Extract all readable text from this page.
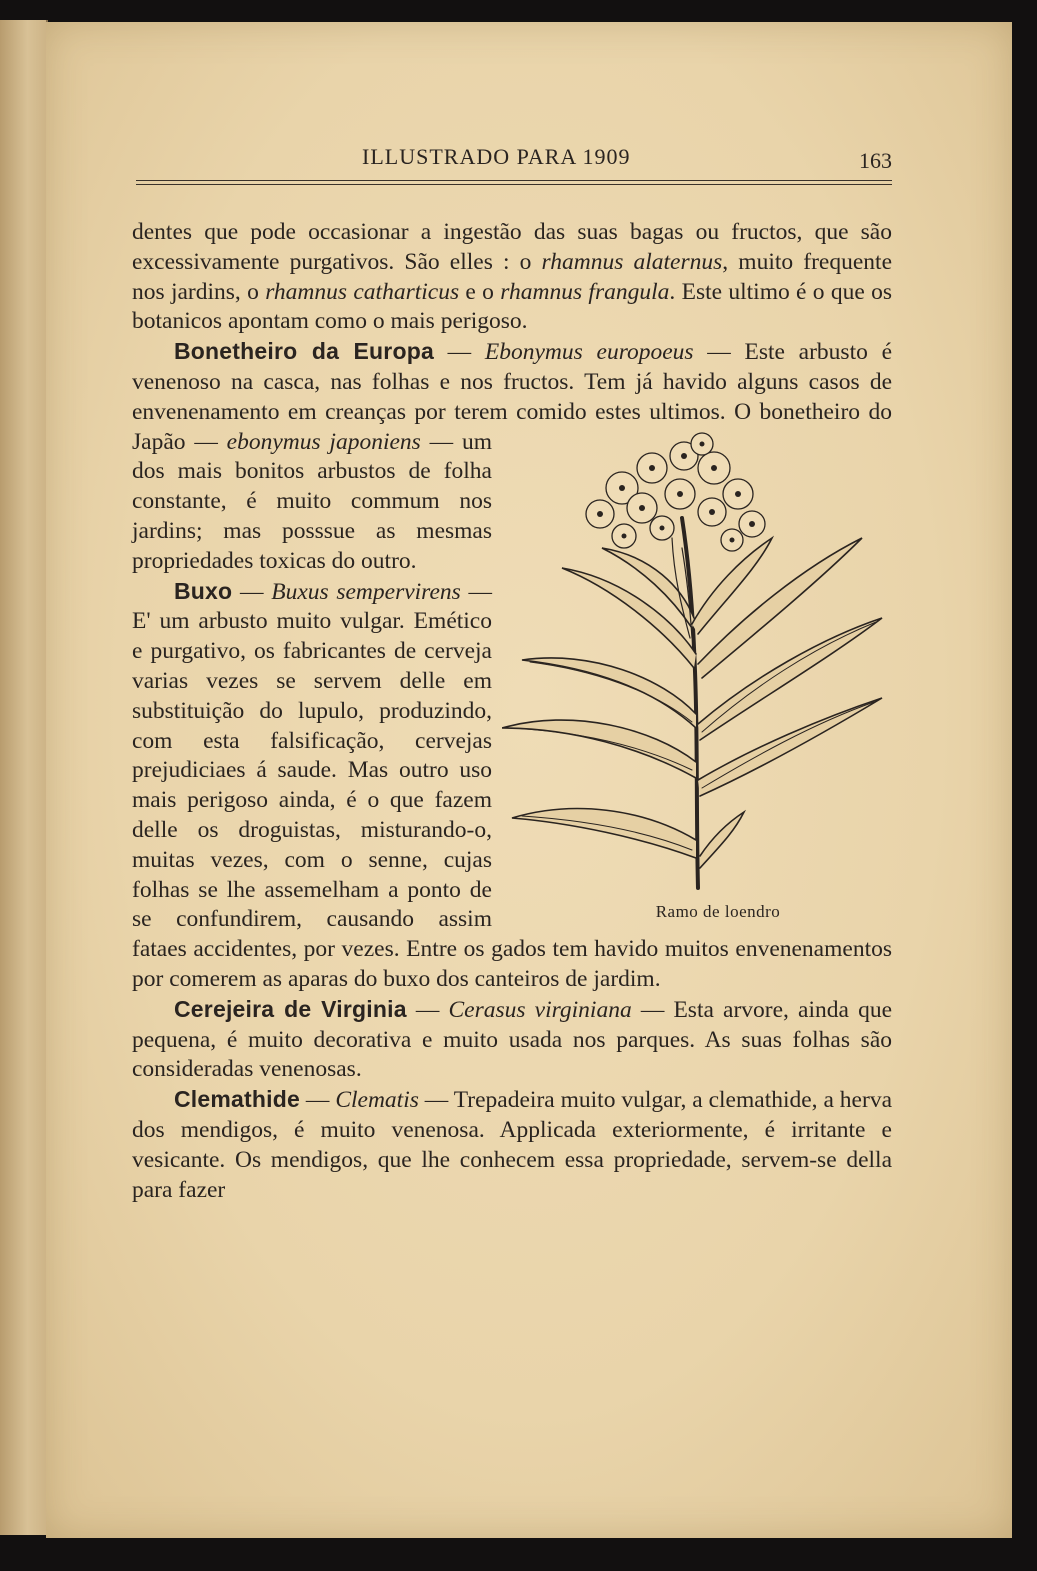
ILLUSTRADO PARA 1909	163

dentes que pode occasionar a ingestão das suas bagas ou fructos, que são excessivamente purgativos. São elles : o rhamnus alaternus, muito frequente nos jardins, o rhamnus catharticus e o rhamnus frangula. Este ultimo é o que os botanicos apontam como o mais perigoso.

Bonetheiro da Europa — Ebonymus europoeus — Este arbusto é venenoso na casca, nas folhas e nos fructos. Tem já havido alguns casos de envenenamento em creanças por terem comido estes ultimos. O bonetheiro do Japão —
Ramo de loendro
ebonymus japoniens — um dos mais bonitos arbustos de folha constante, é muito commum nos jardins; mas posssue as mesmas propriedades toxicas do outro.

Buxo — Buxus sempervirens — E' um arbusto muito vulgar. Emético e purgativo, os fabricantes de cerveja varias vezes se servem delle em substituição do lupulo, produzindo, com esta falsificação, cervejas prejudiciaes á saude. Mas outro uso mais perigoso ainda, é o que fazem delle os droguistas, misturando-o, muitas vezes, com o senne, cujas folhas se lhe assemelham a ponto de se confundirem, causando assim fataes accidentes, por vezes. Entre os gados tem havido muitos envenenamentos por comerem as aparas do buxo dos canteiros de jardim.

Cerejeira de Virginia — Cerasus virginiana — Esta arvore, ainda que pequena, é muito decorativa e muito usada nos parques. As suas folhas são consideradas venenosas.

Clemathide — Clematis — Trepadeira muito vulgar, a clemathide, a herva dos mendigos, é muito venenosa. Applicada exteriormente, é irritante e vesicante. Os mendigos, que lhe conhecem essa propriedade, servem-se della para fazer
